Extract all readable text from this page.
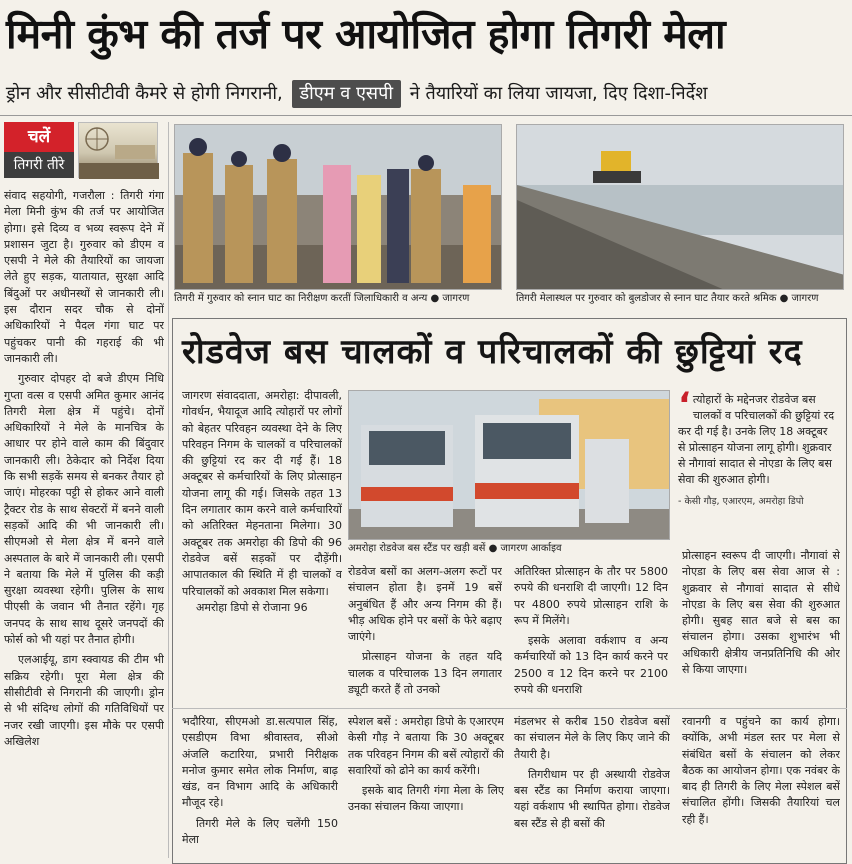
मिनी कुंभ की तर्ज पर आयोजित होगा तिगरी मेला
ड्रोन और सीसीटीवी कैमरे से होगी निगरानी, डीएम व एसपी ने तैयारियों का लिया जायजा, दिए दिशा-निर्देश
चलें
तिगरी तीरे

संवाद सहयोगी, गजरौला : तिगरी गंगा मेला मिनी कुंभ की तर्ज पर आयोजित होगा। इसे दिव्य व भव्य स्वरूप देने में प्रशासन जुटा है। गुरुवार को डीएम व एसपी ने मेले की तैयारियों का जायजा लेते हुए सड़क, यातायात, सुरक्षा आदि बिंदुओं पर अधीनस्थों से जानकारी ली। इस दौरान सदर चौक से दोनों अधिकारियों ने पैदल गंगा घाट पर पहुंचकर पानी की गहराई की भी जानकारी ली।

गुरुवार दोपहर दो बजे डीएम निधि गुप्ता वत्स व एसपी अमित कुमार आनंद तिगरी मेला क्षेत्र में पहुंचे। दोनों अधिकारियों ने मेले के मानचित्र के आधार पर होने वाले काम की बिंदुवार जानकारी ली। ठेकेदार को निर्देश दिया कि सभी सड़कें समय से बनकर तैयार हो जाएं। मोहरका पट्टी से होकर आने वाली ट्रैक्टर रोड के साथ सेक्टरों में बनने वाली सड़कों आदि की भी जानकारी ली। सीएमओ से मेला क्षेत्र में बनने वाले अस्पताल के बारे में जानकारी ली। एसपी ने बताया कि मेले में पुलिस की कड़ी सुरक्षा व्यवस्था रहेगी। पुलिस के साथ पीएसी के जवान भी तैनात रहेंगे। गृह जनपद के साथ साथ दूसरे जनपदों की फोर्स को भी यहां पर तैनात होगी।

एलआईयू, डाग स्क्वायड की टीम भी सक्रिय रहेगी। पूरा मेला क्षेत्र की सीसीटीवी से निगरानी की जाएगी। ड्रोन से भी संदिग्ध लोगों की गतिविधियों पर नजर रखी जाएगी। इस मौके पर एसपी अखिलेश

तिगरी में गुरुवार को स्नान घाट का निरीक्षण करतीं जिलाधिकारी व अन्य ● जागरण	तिगरी मेलास्थल पर गुरुवार को बुलडोजर से स्नान घाट तैयार करते श्रमिक ● जागरण
रोडवेज बस चालकों व परिचालकों की छुट्टियां रद

जागरण संवाददाता, अमरोहा: दीपावली, गोवर्धन, भैयादूज आदि त्योहारों पर लोगों को बेहतर परिवहन व्यवस्था देने के लिए परिवहन निगम के चालकों व परिचालकों की छुट्टियां रद कर दी गई हैं। 18 अक्टूबर से कर्मचारियों के लिए प्रोत्साहन योजना लागू की गई। जिसके तहत 13 दिन लगातार काम करने वाले कर्मचारियों को अतिरिक्त मेहनताना मिलेगा। 30 अक्टूबर तक अमरोहा की डिपो की 96 रोडवेज बसें सड़कों पर दौड़ेंगी। आपातकाल की स्थिति में ही चालकों व परिचालकों को अवकाश मिल सकेगा।

अमरोहा डिपो से रोजाना 96

अमरोहा रोडवेज बस स्टैंड पर खड़ी बसें ● जागरण आर्काइव

रोडवेज बसों का अलग-अलग रूटों पर संचालन होता है। इनमें 19 बसें अनुबंधित हैं और अन्य निगम की हैं। भीड़ अधिक होने पर बसों के फेरे बढ़ाए जाएंगे।

प्रोत्साहन योजना के तहत यदि चालक व परिचालक 13 दिन लगातार ड्यूटी करते हैं तो उनको

अतिरिक्त प्रोत्साहन के तौर पर 5800 रुपये की धनराशि दी जाएगी। 12 दिन पर 4800 रुपये प्रोत्साहन राशि के रूप में मिलेंगे।

इसके अलावा वर्कशाप व अन्य कर्मचारियों को 13 दिन कार्य करने पर 2500 व 12 दिन करने पर 2100 रुपये की धनराशि

‘ त्योहारों के मद्देनजर रोडवेज बस चालकों व परिचालकों की छुट्टियां रद कर दी गई है। उनके लिए 18 अक्टूबर से प्रोत्साहन योजना लागू होगी। शुक्रवार से नौगावां सादात से नोएडा के लिए बस सेवा की शुरुआत होगी।
- केसी गौड़, एआरएम, अमरोहा डिपो

प्रोत्साहन स्वरूप दी जाएगी। नौगावां से नोएडा के लिए बस सेवा आज से : शुक्रवार से नौगावां सादात से सीधे नोएडा के लिए बस सेवा की शुरुआत होगी। सुबह सात बजे से बस का संचालन होगा। उसका शुभारंभ भी अधिकारी क्षेत्रीय जनप्रतिनिधि की ओर से किया जाएगा।

भदौरिया, सीएमओ डा.सत्यपाल सिंह, एसडीएम विभा श्रीवास्तव, सीओ अंजलि कटारिया, प्रभारी निरीक्षक मनोज कुमार समेत लोक निर्माण, बाढ़ खंड, वन विभाग आदि के अधिकारी मौजूद रहे।

तिगरी मेले के लिए चलेंगी 150 मेला

स्पेशल बसें : अमरोहा डिपो के एआरएम केसी गौड़ ने बताया कि 30 अक्टूबर तक परिवहन निगम की बसें त्योहारों की सवारियों को ढोने का कार्य करेंगी।

इसके बाद तिगरी गंगा मेला के लिए उनका संचालन किया जाएगा।

मंडलभर से करीब 150 रोडवेज बसों का संचालन मेले के लिए किए जाने की तैयारी है।

तिगरीधाम पर ही अस्थायी रोडवेज बस स्टैंड का निर्माण कराया जाएगा। यहां वर्कशाप भी स्थापित होगा। रोडवेज बस स्टैंड से ही बसों की

रवानगी व पहुंचने का कार्य होगा। क्योंकि, अभी मंडल स्तर पर मेला से संबंधित बसों के संचालन को लेकर बैठक का आयोजन होगा। एक नवंबर के बाद ही तिगरी के लिए मेला स्पेशल बसें संचालित होंगी। जिसकी तैयारियां चल रही हैं।
